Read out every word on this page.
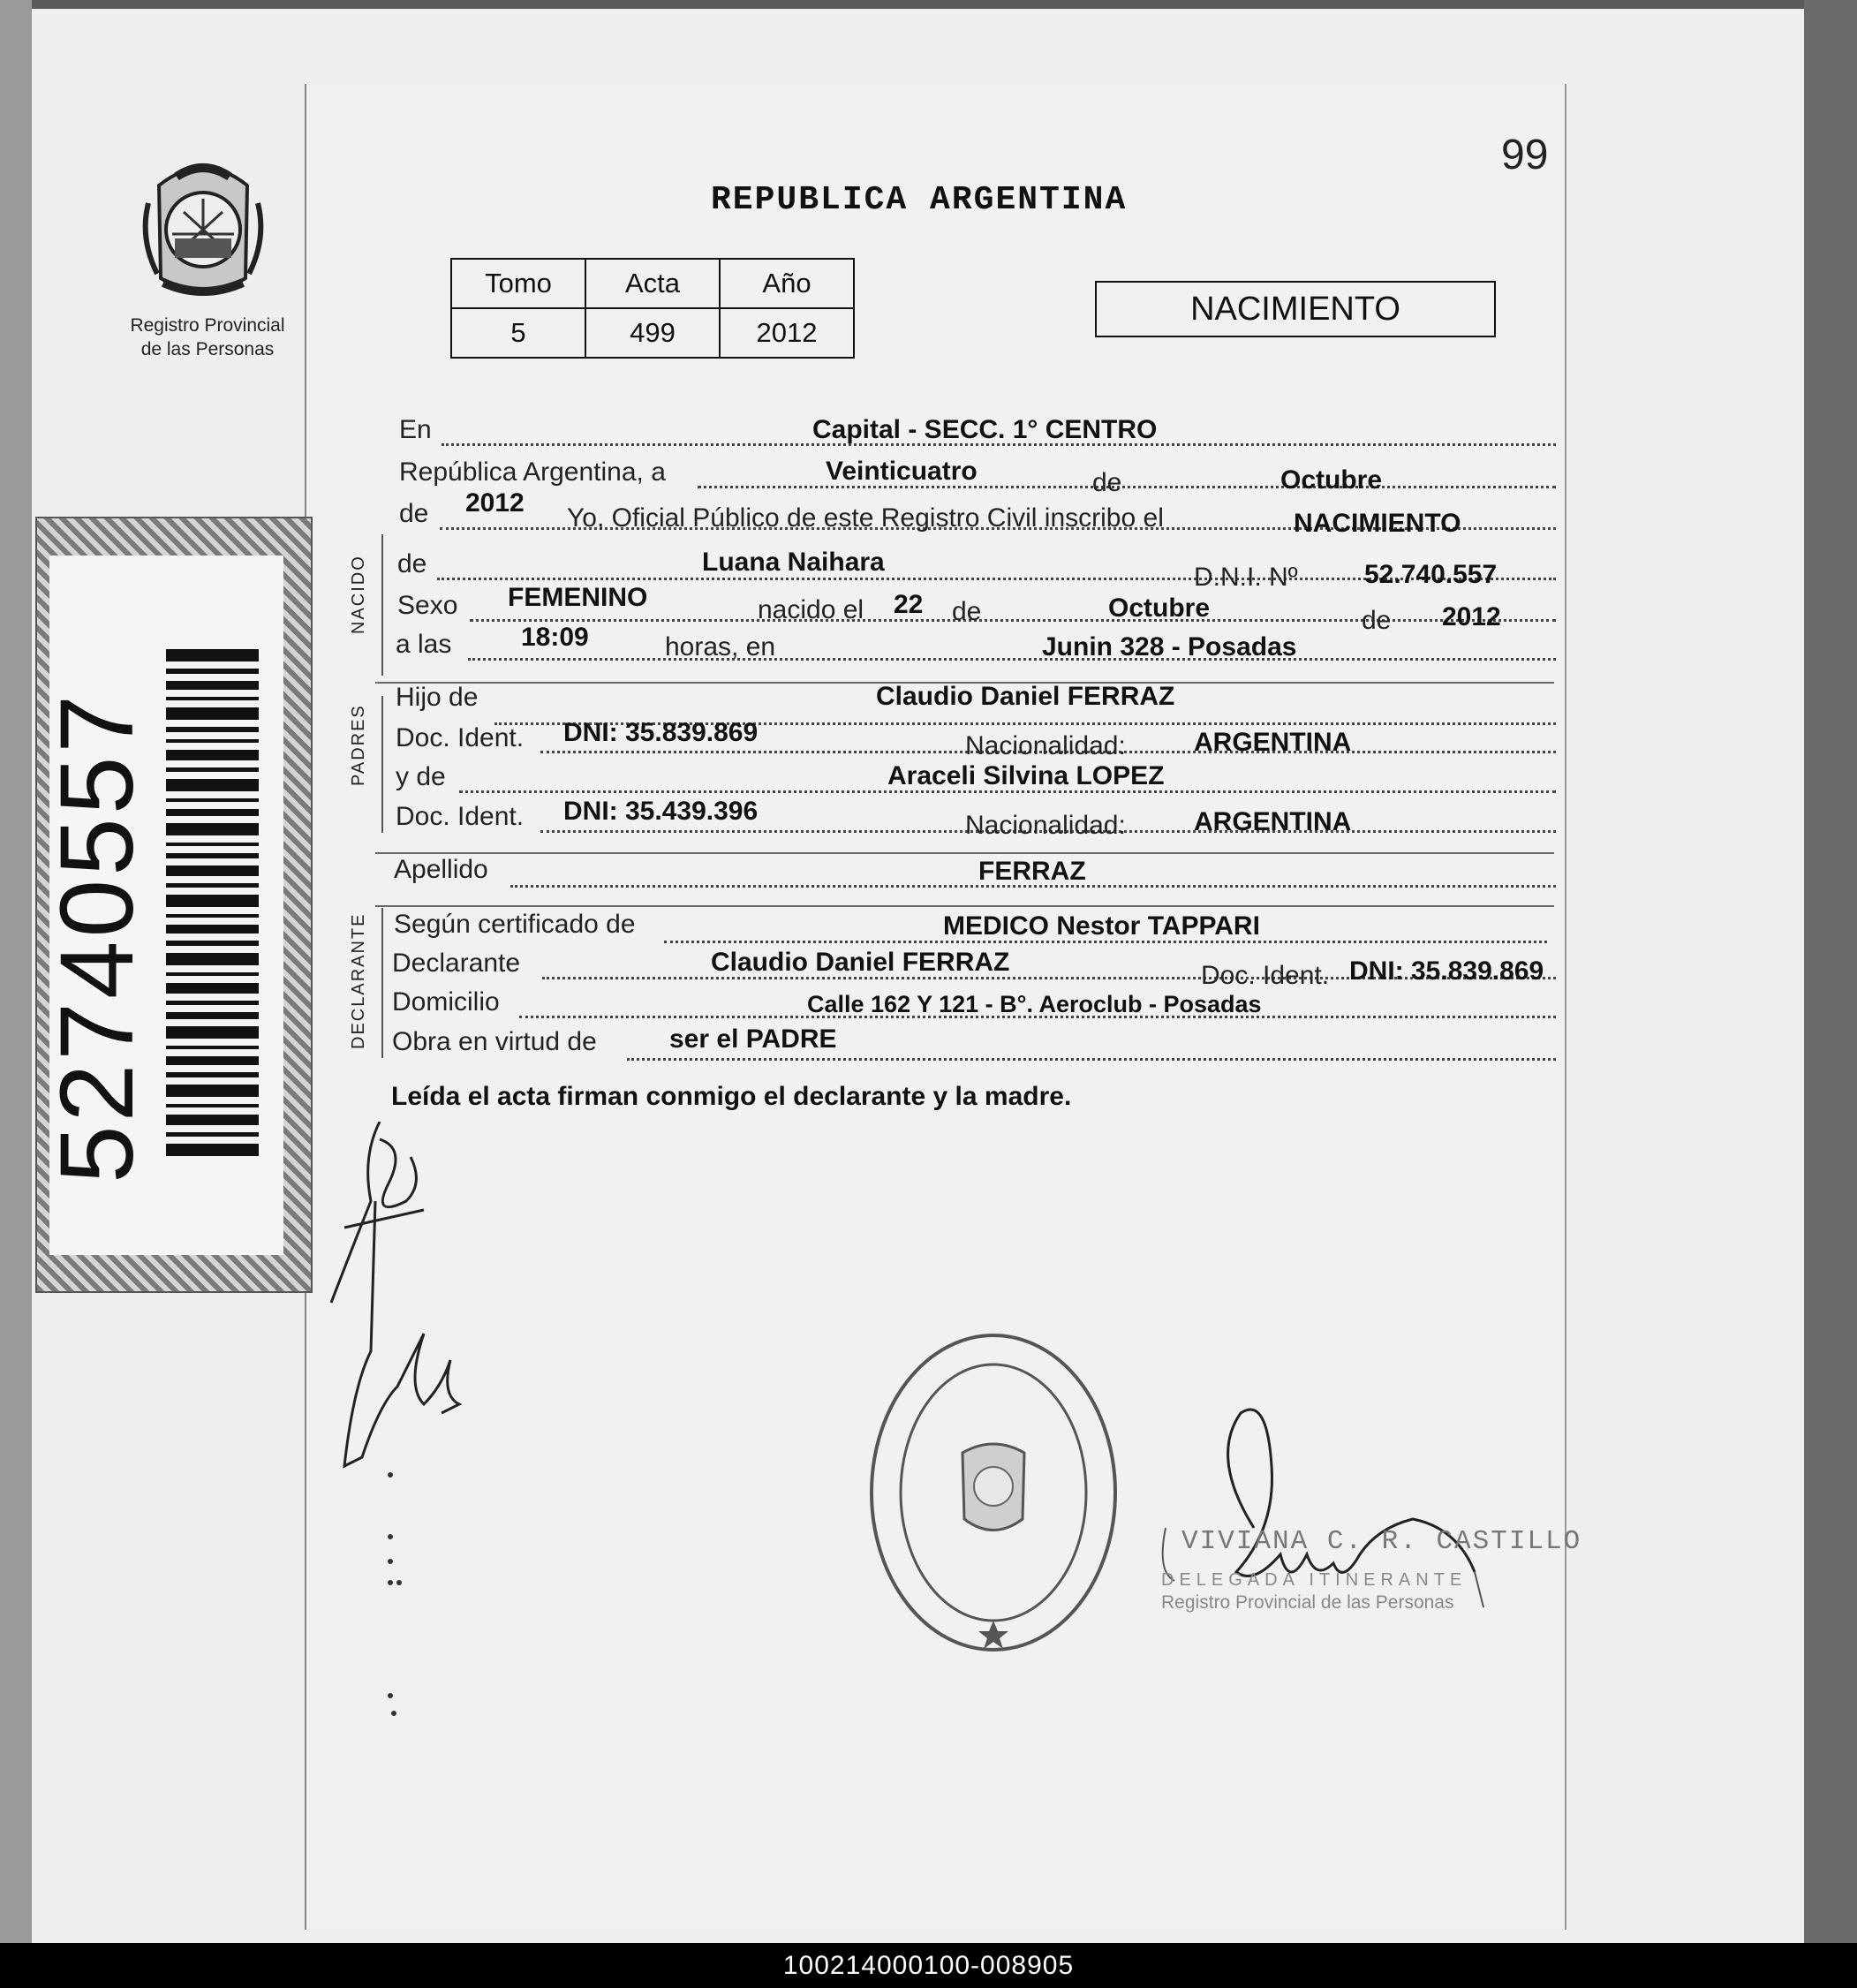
Registro Provincial
de las Personas
52740557
99
REPUBLICA ARGENTINA
Tomo	Acta	Año
5	499	2012
NACIMIENTO
En	Capital - SECC. 1° CENTRO
República Argentina, a	Veinticuatro	de	Octubre
de 2012
Yo, Oficial Público de este Registro Civil inscribo el	NACIMIENTO
NACIDO de	Luana Naihara
D.N.I. Nº	52.740.557
Sexo FEMENINO	nacido el 22 de	Octubre	de 2012
a las	18:09	horas, en	Junin 328 - Posadas
PADRES
Hijo de	Claudio Daniel FERRAZ
Doc. Ident. DNI: 35.839.869	Nacionalidad:	ARGENTINA
y de	Araceli Silvina LOPEZ
Doc. Ident. DNI: 35.439.396	Nacionalidad:	ARGENTINA
Apellido	FERRAZ
DECLARANTE Según certificado de	MEDICO Nestor TAPPARI
Declarante	Claudio Daniel FERRAZ	Doc. Ident. DNI: 35.839.869
Domicilio	Calle 162 Y 121 - B°. Aeroclub - Posadas
Obra en virtud de	ser el PADRE
Leída el acta firman conmigo el declarante y la madre.
VIVIANA C. R. CASTILLO
DELEGADA ITINERANTE
Registro Provincial de las Personas
100214000100-008905
